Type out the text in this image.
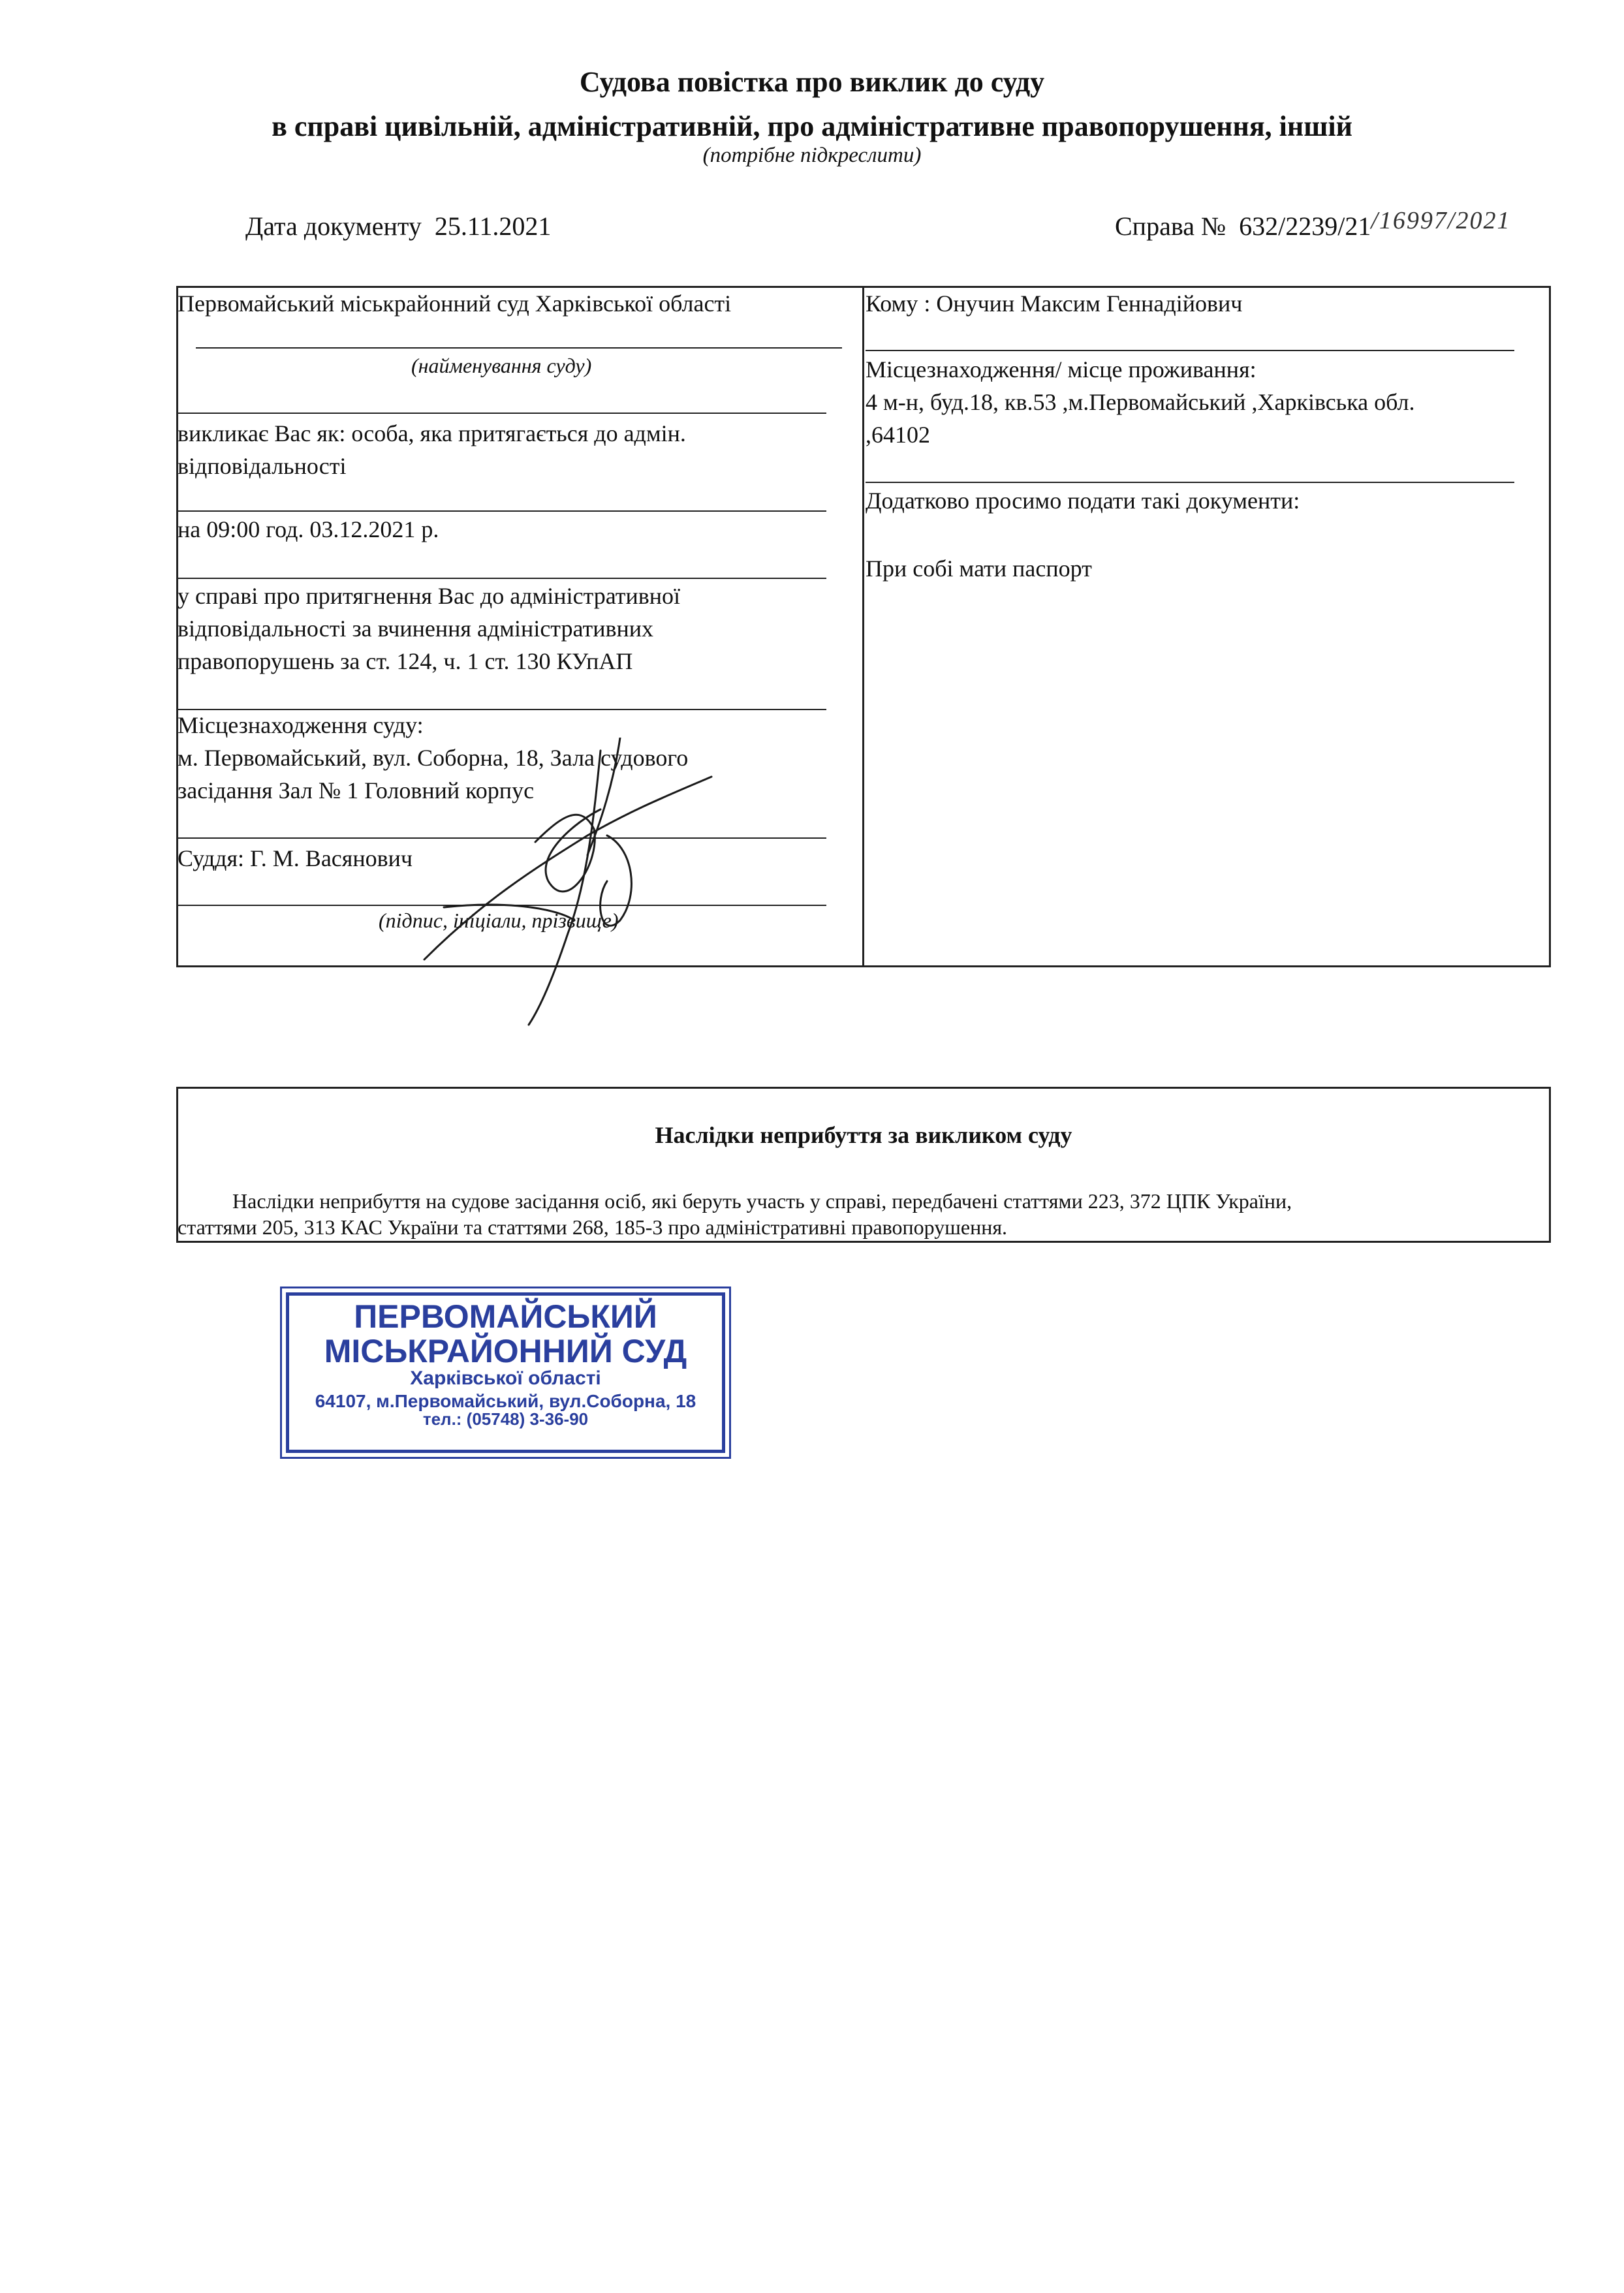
Судова повістка про виклик до суду
в справі цивільній, адміністративній, про адміністративне правопорушення, іншій
(потрібне підкреслити)
Дата документу 25.11.2021	Справа № 632/2239/21/16997/2021
Первомайський міськрайонний суд Харківської області
(найменування суду)
викликає Вас як: особа, яка притягається до адмін.
відповідальності
на 09:00 год. 03.12.2021 р.
у справі про притягнення Вас до адміністративної
відповідальності за вчинення адміністративних
правопорушень за ст. 124, ч. 1 ст. 130 КУпАП
Місцезнаходження суду:
м. Первомайський, вул. Соборна, 18, Зала судового
засідання Зал № 1 Головний корпус
Суддя: Г. М. Васянович
(підпис, ініціали, прізвище)
Кому : Онучин Максим Геннадійович
Місцезнаходження/ місце проживання:
4 м-н, буд.18, кв.53 ,м.Первомайський ,Харківська обл.
,64102
Додатково просимо подати такі документи:
При собі мати паспорт
Наслідки неприбуття за викликом суду
Наслідки неприбуття на судове засідання осіб, які беруть участь у справі, передбачені статтями 223, 372 ЦПК України,
статтями 205, 313 КАС України та статтями 268, 185-3 про адміністративні правопорушення.
ПЕРВОМАЙСЬКИЙ
МІСЬКРАЙОННИЙ СУД
Харківської області
64107, м.Первомайський, вул.Соборна, 18
тел.: (05748) 3-36-90
